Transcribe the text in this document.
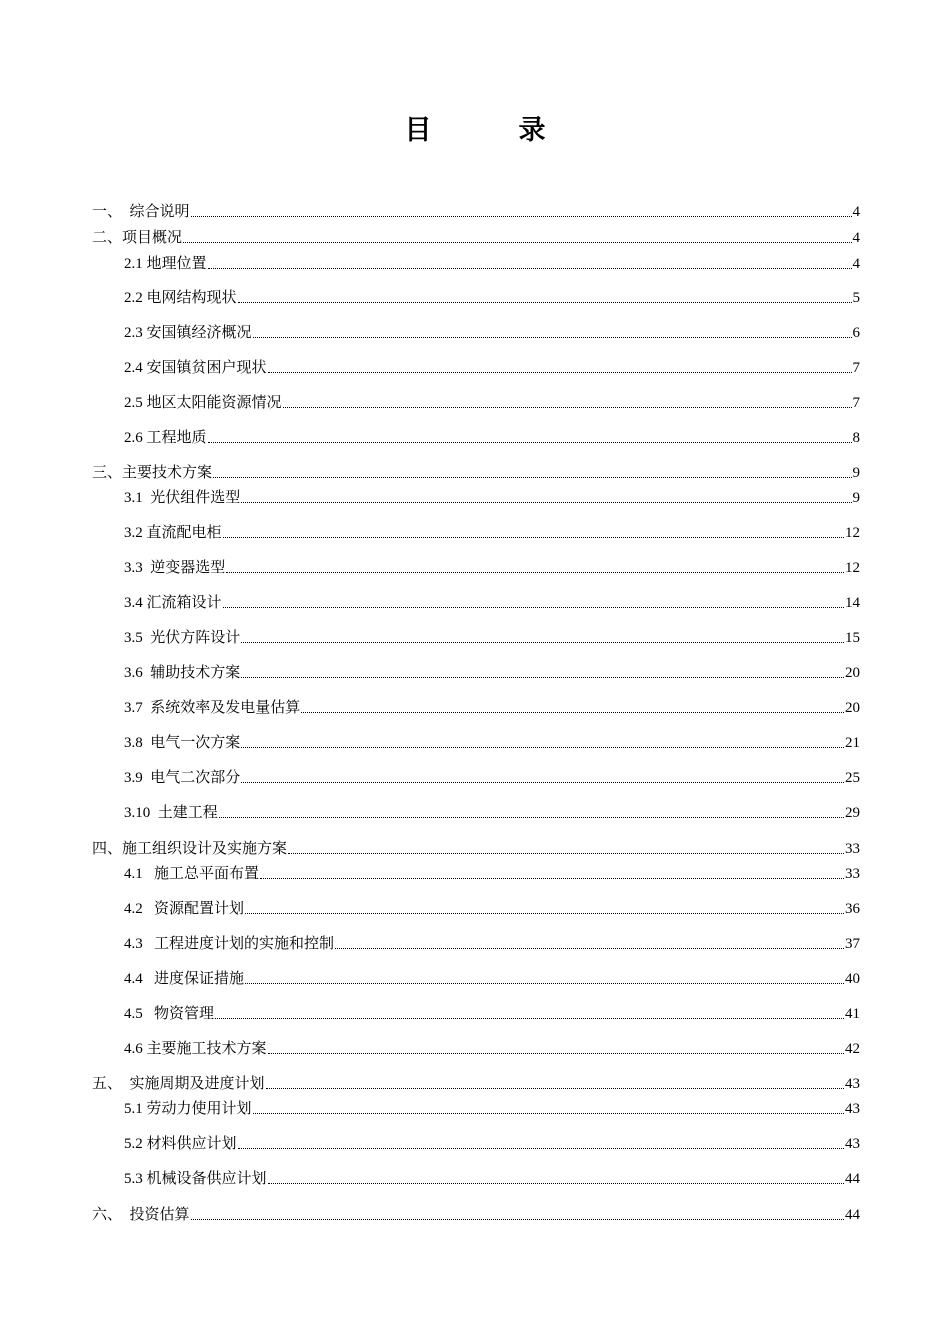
目　录
一、　综合说明	4
二、项目概况	4
2.1 地理位置	4
2.2 电网结构现状	5
2.3 安国镇经济概况	6
2.4 安国镇贫困户现状	7
2.5 地区太阳能资源情况	7
2.6 工程地质	8
三、主要技术方案	9
3.1  光伏组件选型	9
3.2 直流配电柜	12
3.3  逆变器选型	12
3.4 汇流箱设计	14
3.5  光伏方阵设计	15
3.6  辅助技术方案	20
3.7  系统效率及发电量估算	20
3.8  电气一次方案	21
3.9  电气二次部分	25
3.10  土建工程	29
四、施工组织设计及实施方案	33
4.1   施工总平面布置	33
4.2   资源配置计划	36
4.3   工程进度计划的实施和控制	37
4.4   进度保证措施	40
4.5   物资管理	41
4.6 主要施工技术方案	42
五、　实施周期及进度计划	43
5.1 劳动力使用计划	43
5.2 材料供应计划	43
5.3 机械设备供应计划	44
六、　投资估算	44
